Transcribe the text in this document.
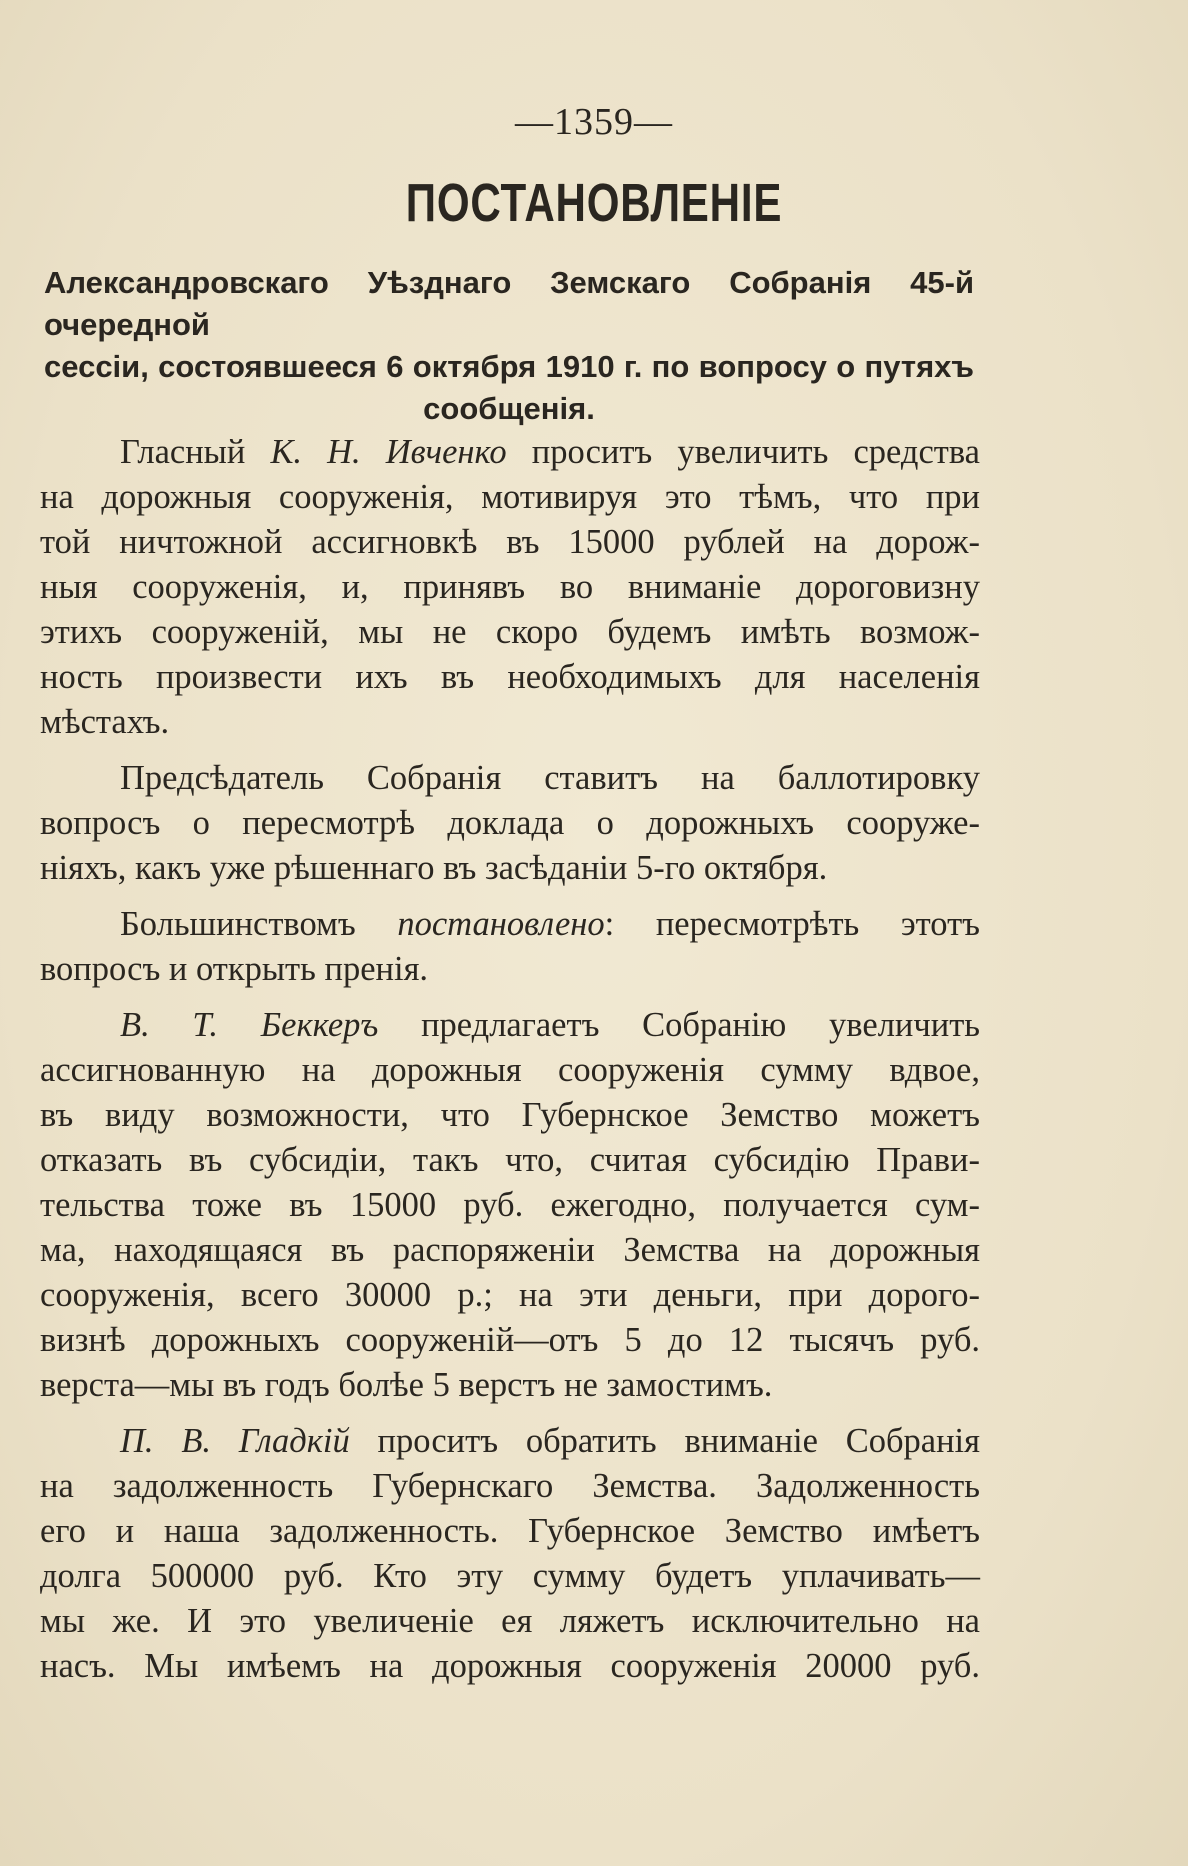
—1359—
ПОСТАНОВЛЕНІЕ
Александровскаго Уѣзднаго Земскаго Собранія 45-й очередной
сессіи, состоявшееся 6 октября 1910 г. по вопросу о путяхъ
сообщенія.
Гласный К. Н. Ивченко проситъ увеличить средства
на дорожныя сооруженія, мотивируя это тѣмъ, что при
той ничтожной ассигновкѣ въ 15000 рублей на дорож-
ныя сооруженія, и, принявъ во вниманіе дороговизну
этихъ сооруженій, мы не скоро будемъ имѣть возмож-
ность произвести ихъ въ необходимыхъ для населенія
мѣстахъ.
Предсѣдатель Собранія ставитъ на баллотировку
вопросъ о пересмотрѣ доклада о дорожныхъ сооруже-
ніяхъ, какъ уже рѣшеннаго въ засѣданіи 5-го октября.
Большинствомъ постановлено: пересмотрѣть этотъ
вопросъ и открыть пренія.
В. Т. Беккеръ предлагаетъ Собранію увеличить
ассигнованную на дорожныя сооруженія сумму вдвое,
въ виду возможности, что Губернское Земство можетъ
отказать въ субсидіи, такъ что, считая субсидію Прави-
тельства тоже въ 15000 руб. ежегодно, получается сум-
ма, находящаяся въ распоряженіи Земства на дорожныя
сооруженія, всего 30000 р.; на эти деньги, при дорого-
визнѣ дорожныхъ сооруженій—отъ 5 до 12 тысячъ руб.
верста—мы въ годъ болѣе 5 верстъ не замостимъ.
П. В. Гладкій проситъ обратить вниманіе Собранія
на задолженность Губернскаго Земства. Задолженность
его и наша задолженность. Губернское Земство имѣетъ
долга 500000 руб. Кто эту сумму будетъ уплачивать—
мы же. И это увеличеніе ея ляжетъ исключительно на
насъ. Мы имѣемъ на дорожныя сооруженія 20000 руб.
